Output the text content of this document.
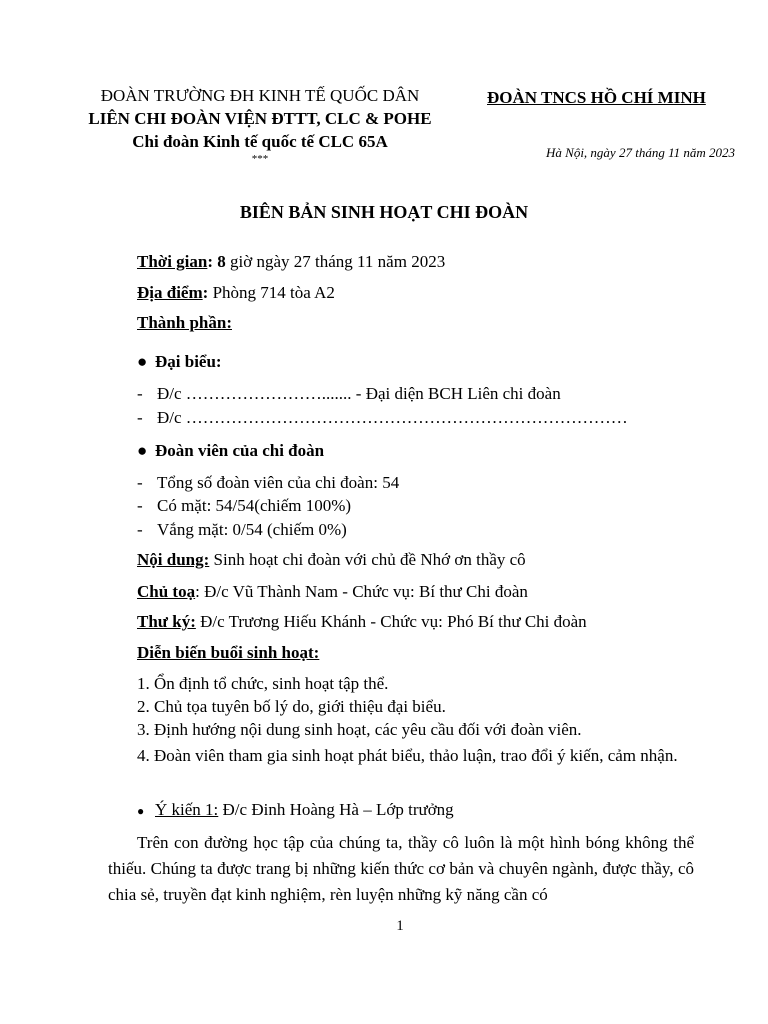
ĐOÀN TRƯỜNG ĐH KINH TẾ QUỐC DÂN
LIÊN CHI ĐOÀN VIỆN ĐTTT, CLC & POHE
Chi đoàn Kinh tế quốc tế CLC 65A
***
ĐOÀN TNCS HỒ CHÍ MINH
Hà Nội, ngày 27 tháng 11 năm 2023
BIÊN BẢN SINH HOẠT CHI ĐOÀN
Thời gian: 8 giờ ngày 27 tháng 11 năm 2023
Địa điểm: Phòng 714 tòa A2
Thành phần:
● Đại biểu:
- Đ/c ……………………....... - Đại diện BCH Liên chi đoàn
- Đ/c ……………………………………………………………………
● Đoàn viên của chi đoàn
- Tổng số đoàn viên của chi đoàn: 54
- Có mặt: 54/54(chiếm 100%)
- Vắng mặt: 0/54 (chiếm 0%)
Nội dung: Sinh hoạt chi đoàn với chủ đề Nhớ ơn thầy cô
Chủ toạ: Đ/c Vũ Thành Nam - Chức vụ: Bí thư Chi đoàn
Thư ký: Đ/c Trương Hiếu Khánh - Chức vụ: Phó Bí thư Chi đoàn
Diễn biến buổi sinh hoạt:
1. Ổn định tổ chức, sinh hoạt tập thể.
2. Chủ tọa tuyên bố lý do, giới thiệu đại biểu.
3. Định hướng nội dung sinh hoạt, các yêu cầu đối với đoàn viên.
4. Đoàn viên tham gia sinh hoạt phát biểu, thảo luận, trao đổi ý kiến, cảm nhận.
● Ý kiến 1: Đ/c Đinh Hoàng Hà – Lớp trưởng
Trên con đường học tập của chúng ta, thầy cô luôn là một hình bóng không thể thiếu. Chúng ta được trang bị những kiến thức cơ bản và chuyên ngành, được thầy, cô chia sẻ, truyền đạt kinh nghiệm, rèn luyện những kỹ năng cần có
1
